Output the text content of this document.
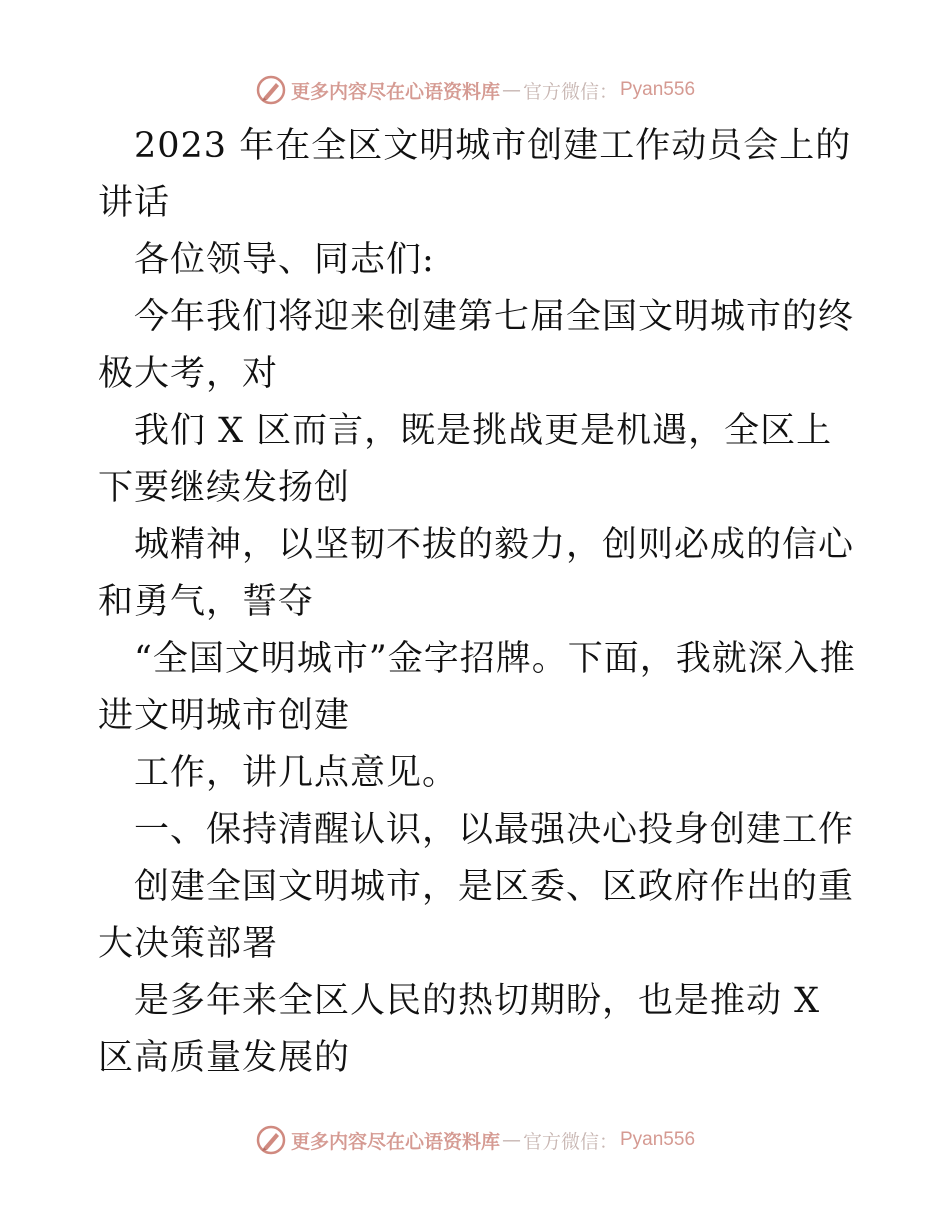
更多内容尽在心语资料库 — 官方微信： Pyan556

2023 年在全区文明城市创建工作动员会上的讲话

各位领导、同志们:

今年我们将迎来创建第七届全国文明城市的终极大考，对

我们 X 区而言，既是挑战更是机遇，全区上下要继续发扬创

城精神，以坚韧不拔的毅力，创则必成的信心和勇气，誓夺

“全国文明城市”金字招牌。下面，我就深入推进文明城市创建

工作，讲几点意见。

一、保持清醒认识，以最强决心投身创建工作

创建全国文明城市，是区委、区政府作出的重大决策部署

是多年来全区人民的热切期盼，也是推动 X 区高质量发展的

更多内容尽在心语资料库 — 官方微信： Pyan556
